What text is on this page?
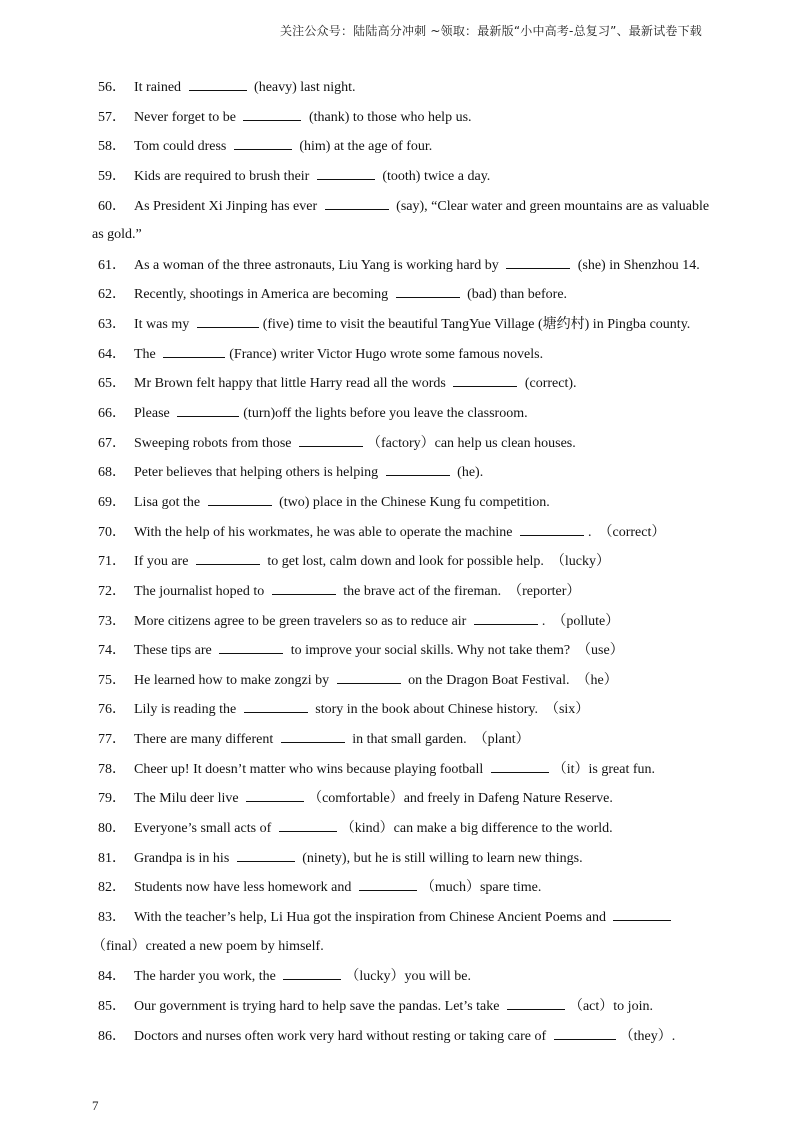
关注公众号：陆陆高分冲刺 ~领取：最新版“小中高考-总复习”、最新试卷下载
56． It rained	(heavy) last night.
57． Never forget to be	(thank) to those who help us.
58． Tom could dress	(him) at the age of four.
59． Kids are required to brush their	(tooth) twice a day.
60． As President Xi Jinping has ever	(say), “Clear water and green mountains are as valuable
as gold.”
61． As a woman of the three astronauts, Liu Yang is working hard by	(she) in Shenzhou 14.
62． Recently, shootings in America are becoming	(bad) than before.
63． It was my	(five) time to visit the beautiful TangYue Village (塘约村) in Pingba county.
64． The	(France) writer Victor Hugo wrote some famous novels.
65． Mr Brown felt happy that little Harry read all the words	(correct).
66． Please	(turn)off the lights before you leave the classroom.
67． Sweeping robots from those	（factory）can help us clean houses.
68． Peter believes that helping others is helping	(he).
69． Lisa got the	(two) place in the Chinese Kung fu competition.
70． With the help of his workmates, he was able to operate the machine	.  （correct）
71． If you are	to get lost, calm down and look for possible help.  （lucky）
72． The journalist hoped to	the brave act of the fireman.  （reporter）
73． More citizens agree to be green travelers so as to reduce air	.  （pollute）
74． These tips are	to improve your social skills. Why not take them?  （use）
75． He learned how to make zongzi by	on the Dragon Boat Festival.  （he）
76． Lily is reading the	story in the book about Chinese history.  （six）
77． There are many different	in that small garden.  （plant）
78． Cheer up! It doesn’t matter who wins because playing football	（it）is great fun.
79． The Milu deer live	（comfortable）and freely in Dafeng Nature Reserve.
80． Everyone’s small acts of	（kind）can make a big difference to the world.
81． Grandpa is in his	(ninety), but he is still willing to learn new things.
82． Students now have less homework and	（much）spare time.
83． With the teacher’s help, Li Hua got the inspiration from Chinese Ancient Poems and
（final）created a new poem by himself.
84． The harder you work, the	（lucky）you will be.
85． Our government is trying hard to help save the pandas. Let’s take	（act）to join.
86． Doctors and nurses often work very hard without resting or taking care of	（they）.
7
